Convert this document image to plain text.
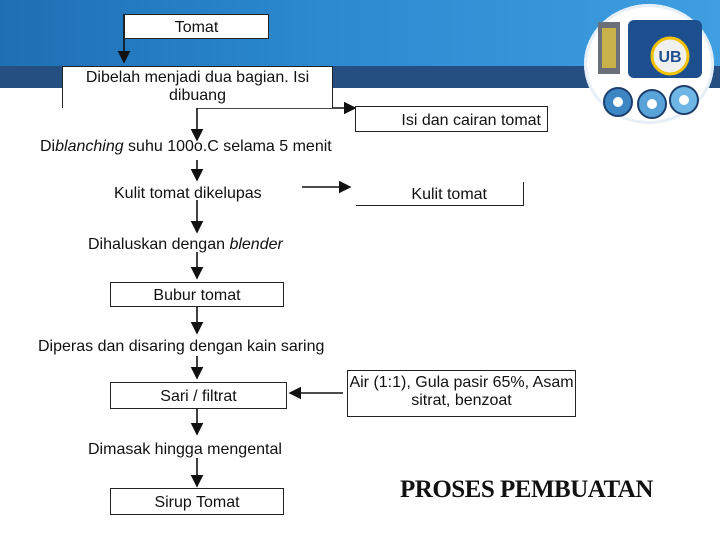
UB
Tomat
Dibelah menjadi dua bagian. Isi dibuang
Isi dan cairan tomat
Diblanching suhu 100o.C selama 5 menit
Kulit tomat dikelupas	Kulit tomat
Dihaluskan dengan blender
Bubur tomat
Diperas dan disaring dengan kain saring
Sari / filtrat
Air (1:1), Gula pasir 65%, Asam sitrat, benzoat
Dimasak hingga mengental
Sirup Tomat	PROSES PEMBUATAN
